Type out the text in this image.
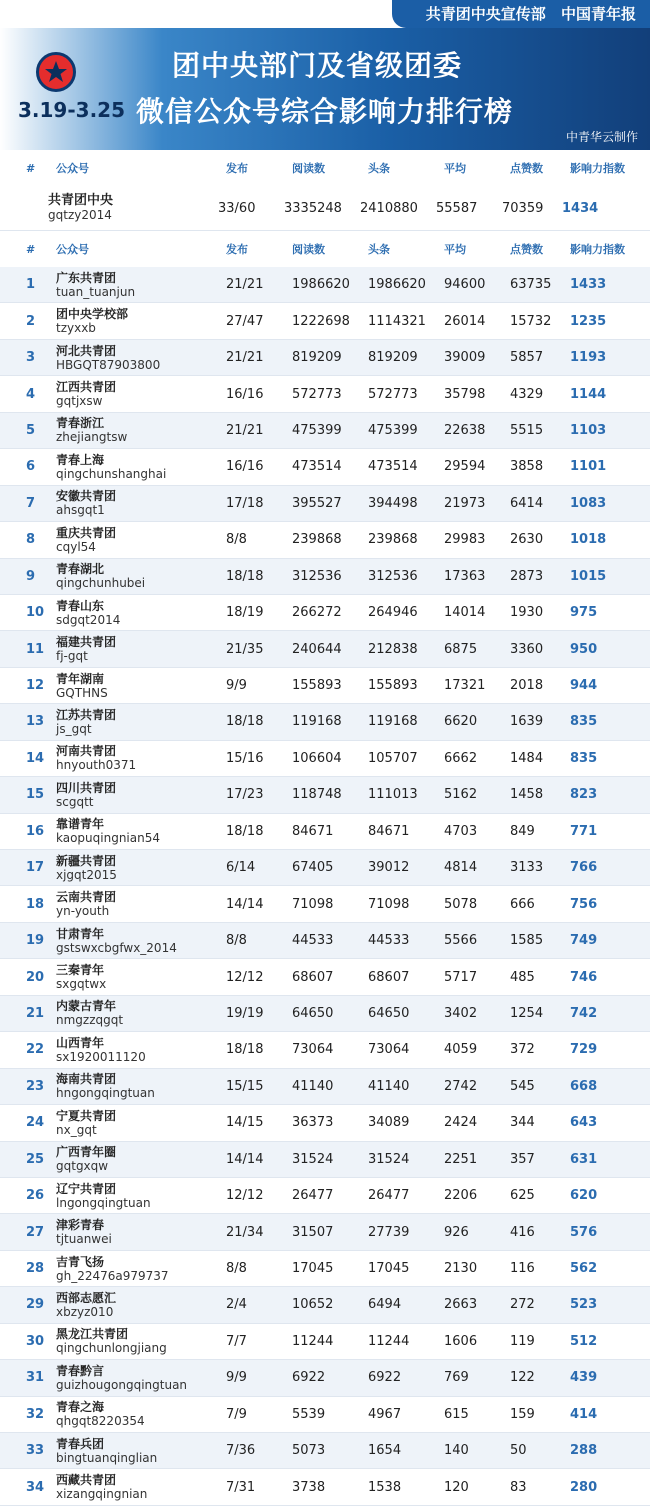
共青团中央宣传部 中国青年报
3.19-3.25
团中央部门及省级团委
微信公众号综合影响力排行榜
中青华云制作
#	公众号	发布	阅读数	头条	平均	点赞数	影响力指数
共青团中央
gqtzy2014	33/60	3335248	2410880	55587	70359	1434
#	公众号	发布	阅读数	头条	平均	点赞数	影响力指数
1	广东共青团
tuan_tuanjun	21/21	1986620	1986620	94600	63735	1433
2	团中央学校部
tzyxxb	27/47	1222698	1114321	26014	15732	1235
3	河北共青团
HBGQT87903800	21/21	819209	819209	39009	5857	1193
4	江西共青团
gqtjxsw	16/16	572773	572773	35798	4329	1144
5	青春浙江
zhejiangtsw	21/21	475399	475399	22638	5515	1103
6	青春上海
qingchunshanghai	16/16	473514	473514	29594	3858	1101
7	安徽共青团
ahsgqt1	17/18	395527	394498	21973	6414	1083
8	重庆共青团
cqyl54	8/8	239868	239868	29983	2630	1018
9	青春湖北
qingchunhubei	18/18	312536	312536	17363	2873	1015
10 青春山东
sdgqt2014	18/19	266272	264946	14014	1930	975
11 福建共青团
fj-gqt	21/35	240644	212838	6875	3360	950
12 青年湖南
GQTHNS	9/9	155893	155893	17321	2018	944
13 江苏共青团
js_gqt	18/18	119168	119168	6620	1639	835
14 河南共青团
hnyouth0371	15/16	106604	105707	6662	1484	835
15 四川共青团
scgqtt	17/23	118748	111013	5162	1458	823
16 靠谱青年
kaopuqingnian54	18/18	84671	84671	4703	849	771
17 新疆共青团
xjgqt2015	6/14	67405	39012	4814	3133	766
18 云南共青团
yn-youth	14/14	71098	71098	5078	666	756
19 甘肃青年
gstswxcbgfwx_2014	8/8	44533	44533	5566	1585	749
20 三秦青年
sxgqtwx	12/12	68607	68607	5717	485	746
21 内蒙古青年
nmgzzqgqt	19/19	64650	64650	3402	1254	742
22 山西青年
sx1920011120	18/18	73064	73064	4059	372	729
23 海南共青团
hngongqingtuan	15/15	41140	41140	2742	545	668
24 宁夏共青团
nx_gqt	14/15	36373	34089	2424	344	643
25 广西青年圈
gqtgxqw	14/14	31524	31524	2251	357	631
26 辽宁共青团
lngongqingtuan	12/12	26477	26477	2206	625	620
27 津彩青春
tjtuanwei	21/34	31507	27739	926	416	576
28 吉青飞扬
gh_22476a979737	8/8	17045	17045	2130	116	562
29 西部志愿汇
xbzyz010	2/4	10652	6494	2663	272	523
30 黑龙江共青团
qingchunlongjiang	7/7	11244	11244	1606	119	512
31 青春黔言
guizhougongqingtuan	9/9	6922	6922	769	122	439
32 青春之海
qhgqt8220354	7/9	5539	4967	615	159	414
33 青春兵团
bingtuanqinglian	7/36	5073	1654	140	50	288
34 西藏共青团
xizangqingnian	7/31	3738	1538	120	83	280
